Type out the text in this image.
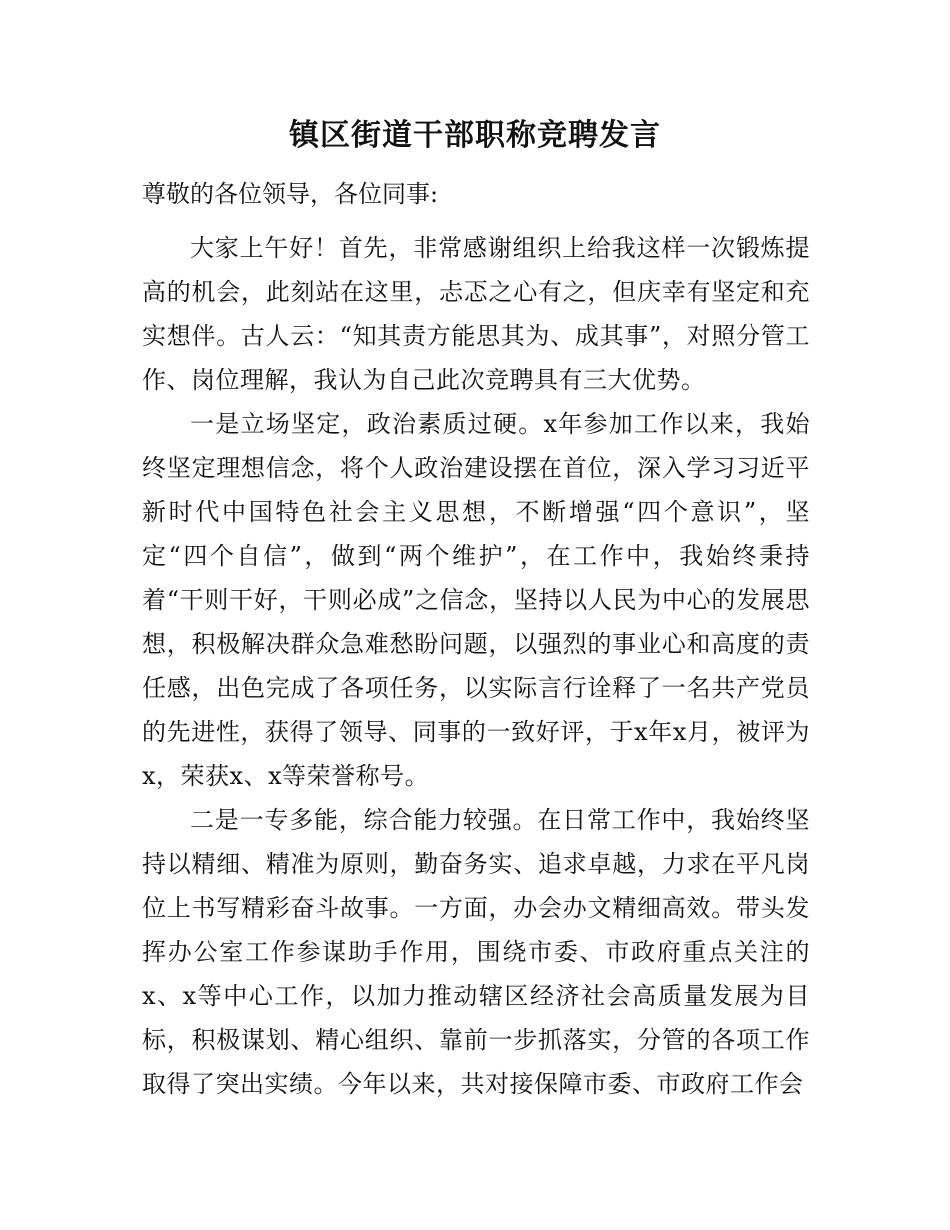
镇区街道干部职称竞聘发言

尊敬的各位领导，各位同事:

大家上午好！首先，非常感谢组织上给我这样一次锻炼提高的机会，此刻站在这里，忐忑之心有之，但庆幸有坚定和充实想伴。古人云：“知其责方能思其为、成其事”，对照分管工作、岗位理解，我认为自己此次竞聘具有三大优势。

一是立场坚定，政治素质过硬。x年参加工作以来，我始终坚定理想信念，将个人政治建设摆在首位，深入学习习近平新时代中国特色社会主义思想，不断增强“四个意识”，坚定“四个自信”，做到“两个维护”，在工作中，我始终秉持着“干则干好，干则必成”之信念，坚持以人民为中心的发展思想，积极解决群众急难愁盼问题，以强烈的事业心和高度的责任感，出色完成了各项任务，以实际言行诠释了一名共产党员的先进性，获得了领导、同事的一致好评，于x年x月，被评为x，荣获x、x等荣誉称号。

二是一专多能，综合能力较强。在日常工作中，我始终坚持以精细、精准为原则，勤奋务实、追求卓越，力求在平凡岗位上书写精彩奋斗故事。一方面，办会办文精细高效。带头发挥办公室工作参谋助手作用，围绕市委、市政府重点关注的x、x等中心工作，以加力推动辖区经济社会高质量发展为目标，积极谋划、精心组织、靠前一步抓落实，分管的各项工作取得了突出实绩。今年以来，共对接保障市委、市政府工作会
